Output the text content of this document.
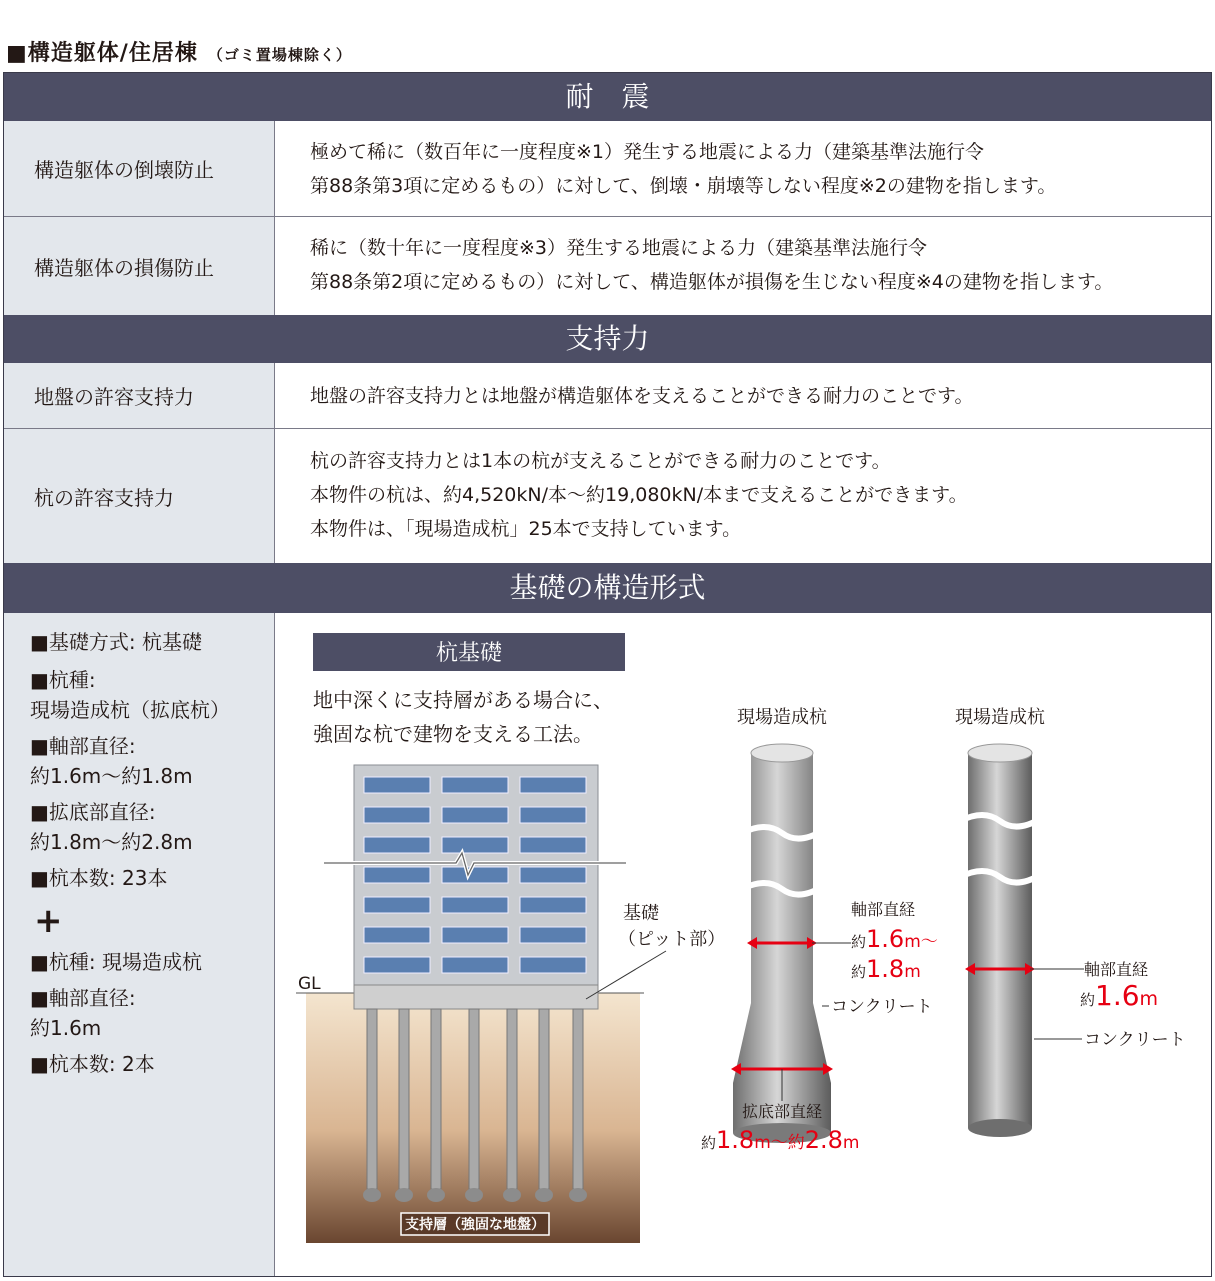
■構造躯体/住居棟 （ゴミ置場棟除く）
耐　震
構造躯体の倒壊防止
極めて稀に（数百年に一度程度※1）発生する地震による力（建築基準法施行令
第88条第3項に定めるもの）に対して、倒壊・崩壊等しない程度※2の建物を指します。
構造躯体の損傷防止
稀に（数十年に一度程度※3）発生する地震による力（建築基準法施行令
第88条第2項に定めるもの）に対して、構造躯体が損傷を生じない程度※4の建物を指します。
支持力
地盤の許容支持力	地盤の許容支持力とは地盤が構造躯体を支えることができる耐力のことです。
杭の許容支持力
杭の許容支持力とは1本の杭が支えることができる耐力のことです。
本物件の杭は、約4,520kN/本～約19,080kN/本まで支えることができます。
本物件は、「現場造成杭」25本で支持しています。
基礎の構造形式
■基礎方式: 杭基礎
■杭種:
現場造成杭（拡底杭）
■軸部直径:
約1.6m～約1.8m
■拡底部直径:
約1.8m～約2.8m
■杭本数: 23本
+
■杭種: 現場造成杭
■軸部直径:
約1.6m
■杭本数: 2本
杭基礎
地中深くに支持層がある場合に、
強固な杭で建物を支える工法。
GL
支持層（強固な地盤）
基礎
（ピット部）
現場造成杭
軸部直経
約1.6m～
約1.8m
コンクリート
拡底部直経
約1.8m～約2.8m
現場造成杭
軸部直経
約1.6m
コンクリート
